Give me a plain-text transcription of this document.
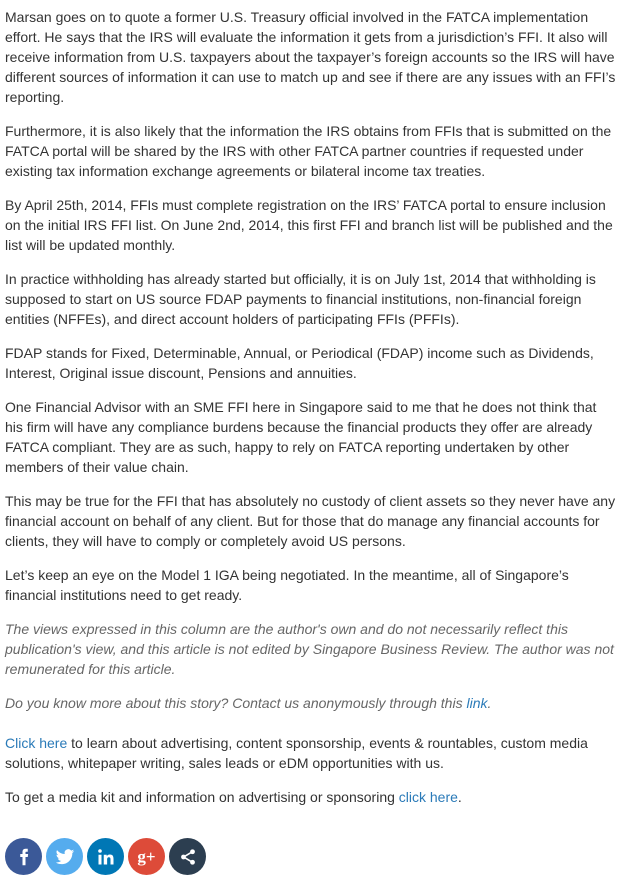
Marsan goes on to quote a former U.S. Treasury official involved in the FATCA implementation effort. He says that the IRS will evaluate the information it gets from a jurisdiction’s FFI. It also will receive information from U.S. taxpayers about the taxpayer’s foreign accounts so the IRS will have different sources of information it can use to match up and see if there are any issues with an FFI’s reporting.

Furthermore, it is also likely that the information the IRS obtains from FFIs that is submitted on the FATCA portal will be shared by the IRS with other FATCA partner countries if requested under existing tax information exchange agreements or bilateral income tax treaties.

By April 25th, 2014, FFIs must complete registration on the IRS’ FATCA portal to ensure inclusion on the initial IRS FFI list. On June 2nd, 2014, this first FFI and branch list will be published and the list will be updated monthly.

In practice withholding has already started but officially, it is on July 1st, 2014 that withholding is supposed to start on US source FDAP payments to financial institutions, non-financial foreign entities (NFFEs), and direct account holders of participating FFIs (PFFIs).

FDAP stands for Fixed, Determinable, Annual, or Periodical (FDAP) income such as Dividends, Interest, Original issue discount, Pensions and annuities.

One Financial Advisor with an SME FFI here in Singapore said to me that he does not think that his firm will have any compliance burdens because the financial products they offer are already FATCA compliant. They are as such, happy to rely on FATCA reporting undertaken by other members of their value chain.

This may be true for the FFI that has absolutely no custody of client assets so they never have any financial account on behalf of any client. But for those that do manage any financial accounts for clients, they will have to comply or completely avoid US persons.

Let’s keep an eye on the Model 1 IGA being negotiated. In the meantime, all of Singapore’s financial institutions need to get ready.

The views expressed in this column are the author's own and do not necessarily reflect this publication's view, and this article is not edited by Singapore Business Review. The author was not remunerated for this article.

Do you know more about this story? Contact us anonymously through this link.

Click here to learn about advertising, content sponsorship, events & rountables, custom media solutions, whitepaper writing, sales leads or eDM opportunities with us.

To get a media kit and information on advertising or sponsoring click here.

g+
